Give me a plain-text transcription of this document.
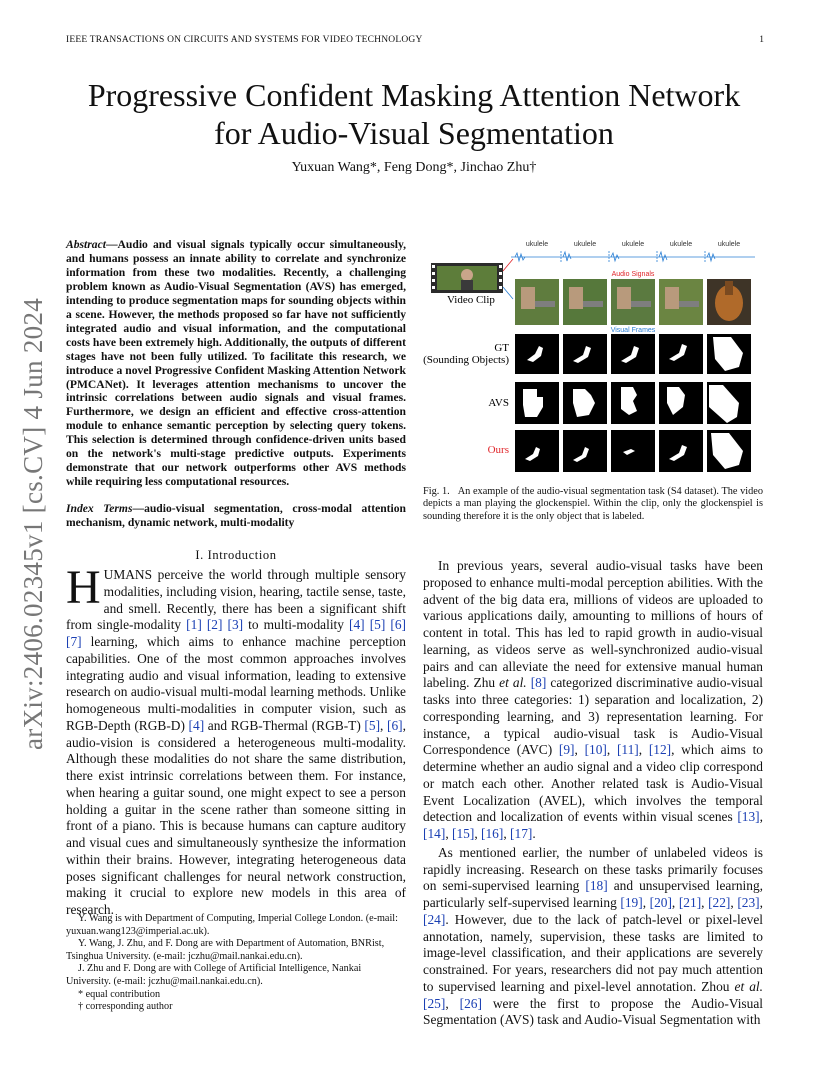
IEEE TRANSACTIONS ON CIRCUITS AND SYSTEMS FOR VIDEO TECHNOLOGY	1
arXiv:2406.02345v1 [cs.CV] 4 Jun 2024
Progressive Confident Masking Attention Network
for Audio-Visual Segmentation
Yuxuan Wang*, Feng Dong*, Jinchao Zhu†
Abstract—Audio and visual signals typically occur simultaneously, and humans possess an innate ability to correlate and synchronize information from these two modalities. Recently, a challenging problem known as Audio-Visual Segmentation (AVS) has emerged, intending to produce segmentation maps for sounding objects within a scene. However, the methods proposed so far have not sufficiently integrated audio and visual information, and the computational costs have been extremely high. Additionally, the outputs of different stages have not been fully utilized. To facilitate this research, we introduce a novel Progressive Confident Masking Attention Network (PMCANet). It leverages attention mechanisms to uncover the intrinsic correlations between audio signals and visual frames. Furthermore, we design an efficient and effective cross-attention module to enhance semantic perception by selecting query tokens. This selection is determined through confidence-driven units based on the network's multi-stage predictive outputs. Experiments demonstrate that our network outperforms other AVS methods while requiring less computational resources.
Index Terms—audio-visual segmentation, cross-modal attention mechanism, dynamic network, multi-modality
I. Introduction
HUMANS perceive the world through multiple sensory modalities, including vision, hearing, tactile sense, taste, and smell. Recently, there has been a significant shift from single-modality [1] [2] [3] to multi-modality [4] [5] [6] [7] learning, which aims to enhance machine perception capabilities. One of the most common approaches involves integrating audio and visual information, leading to extensive research on audio-visual multi-modal learning methods. Unlike homogeneous multi-modalities in computer vision, such as RGB-Depth (RGB-D) [4] and RGB-Thermal (RGB-T) [5], [6], audio-vision is considered a heterogeneous multi-modality. Although these modalities do not share the same distribution, there exist intrinsic correlations between them. For instance, when hearing a guitar sound, one might expect to see a person holding a guitar in the scene rather than someone sitting in front of a piano. This is because humans can capture auditory and visual cues and simultaneously synthesize the information within their brains. However, integrating heterogeneous data poses significant challenges for neural network construction, making it crucial to explore new models in this area of research.

Y. Wang is with Department of Computing, Imperial College London. (e-mail: yuxuan.wang123@imperial.ac.uk).

Y. Wang, J. Zhu, and F. Dong are with Department of Automation, BNRist, Tsinghua University. (e-mail: jczhu@mail.nankai.edu.cn).

J. Zhu and F. Dong are with College of Artificial Intelligence, Nankai University. (e-mail: jczhu@mail.nankai.edu.cn).

* equal contribution

† corresponding author

ukulele	ukulele	ukulele	ukulele	ukulele
Video Clip
Audio Signals
Visual Frames
GT
(Sounding Objects)
AVS
Ours
Fig. 1. An example of the audio-visual segmentation task (S4 dataset). The video depicts a man playing the glockenspiel. Within the clip, only the glockenspiel is sounding therefore it is the only object that is labeled.

In previous years, several audio-visual tasks have been proposed to enhance multi-modal perception abilities. With the advent of the big data era, millions of videos are uploaded to various applications daily, amounting to millions of hours of content in total. This has led to rapid growth in audio-visual learning, as videos serve as well-synchronized audio-visual pairs and can alleviate the need for extensive manual human labeling. Zhu et al. [8] categorized discriminative audio-visual tasks into three categories: 1) separation and localization, 2) corresponding learning, and 3) representation learning. For instance, a typical audio-visual task is Audio-Visual Correspondence (AVC) [9], [10], [11], [12], which aims to determine whether an audio signal and a video clip correspond or match each other. Another related task is Audio-Visual Event Localization (AVEL), which involves the temporal detection and localization of events within visual scenes [13], [14], [15], [16], [17].

As mentioned earlier, the number of unlabeled videos is rapidly increasing. Research on these tasks primarily focuses on semi-supervised learning [18] and unsupervised learning, particularly self-supervised learning [19], [20], [21], [22], [23], [24]. However, due to the lack of patch-level or pixel-level annotation, namely, supervision, these tasks are limited to image-level classification, and their applications are severely constrained. For years, researchers did not pay much attention to supervised learning and pixel-level annotation. Zhou et al. [25], [26] were the first to propose the Audio-Visual Segmentation (AVS) task and Audio-Visual Segmentation with
